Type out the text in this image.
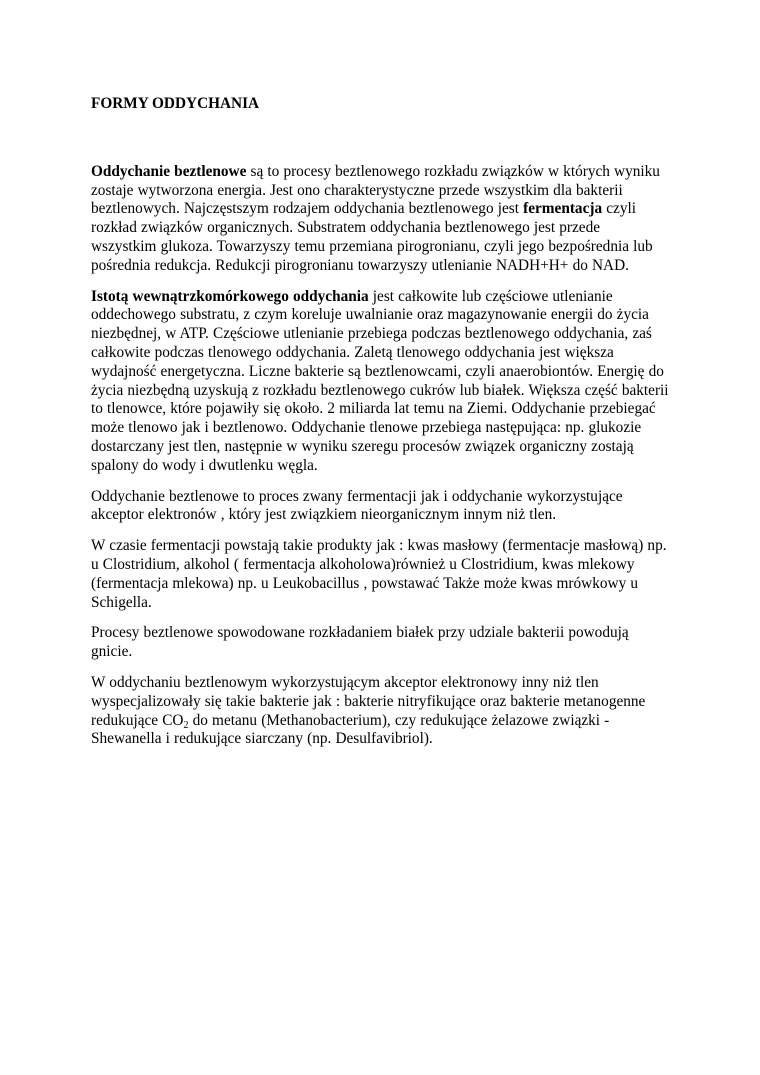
FORMY ODDYCHANIA

Oddychanie beztlenowe są to procesy beztlenowego rozkładu związków w których wyniku zostaje wytworzona energia. Jest ono charakterystyczne przede wszystkim dla bakterii beztlenowych. Najczęstszym rodzajem oddychania beztlenowego jest fermentacja czyli rozkład związków organicznych. Substratem oddychania beztlenowego jest przede wszystkim glukoza. Towarzyszy temu przemiana pirogronianu, czyli jego bezpośrednia lub pośrednia redukcja. Redukcji pirogronianu towarzyszy utlenianie NADH+H+ do NAD.

Istotą wewnątrzkomórkowego oddychania jest całkowite lub częściowe utlenianie oddechowego substratu, z czym koreluje uwalnianie oraz magazynowanie energii do życia niezbędnej, w ATP. Częściowe utlenianie przebiega podczas beztlenowego oddychania, zaś całkowite podczas tlenowego oddychania. Zaletą tlenowego oddychania jest większa wydajność energetyczna. Liczne bakterie są beztlenowcami, czyli anaerobiontów. Energię do życia niezbędną uzyskują z rozkładu beztlenowego cukrów lub białek. Większa część bakterii to tlenowce, które pojawiły się około. 2 miliarda lat temu na Ziemi. Oddychanie przebiegać może tlenowo jak i beztlenowo. Oddychanie tlenowe przebiega następująca: np. glukozie dostarczany jest tlen, następnie w wyniku szeregu procesów związek organiczny zostają spalony do wody i dwutlenku węgla.

Oddychanie beztlenowe to proces zwany fermentacji jak i oddychanie wykorzystujące akceptor elektronów , który jest związkiem nieorganicznym innym niż tlen.

W czasie fermentacji powstają takie produkty jak : kwas masłowy (fermentacje masłową) np. u Clostridium, alkohol ( fermentacja alkoholowa)również u Clostridium, kwas mlekowy (fermentacja mlekowa) np. u Leukobacillus , powstawać Także może kwas mrówkowy u Schigella.

Procesy beztlenowe spowodowane rozkładaniem białek przy udziale bakterii powodują gnicie.

W oddychaniu beztlenowym wykorzystującym akceptor elektronowy inny niż tlen wyspecjalizowały się takie bakterie jak : bakterie nitryfikujące oraz bakterie metanogenne redukujące $CO_2$ do metanu (Methanobacterium), czy redukujące żelazowe związki - Shewanella i redukujące siarczany (np. Desulfavibriol).
